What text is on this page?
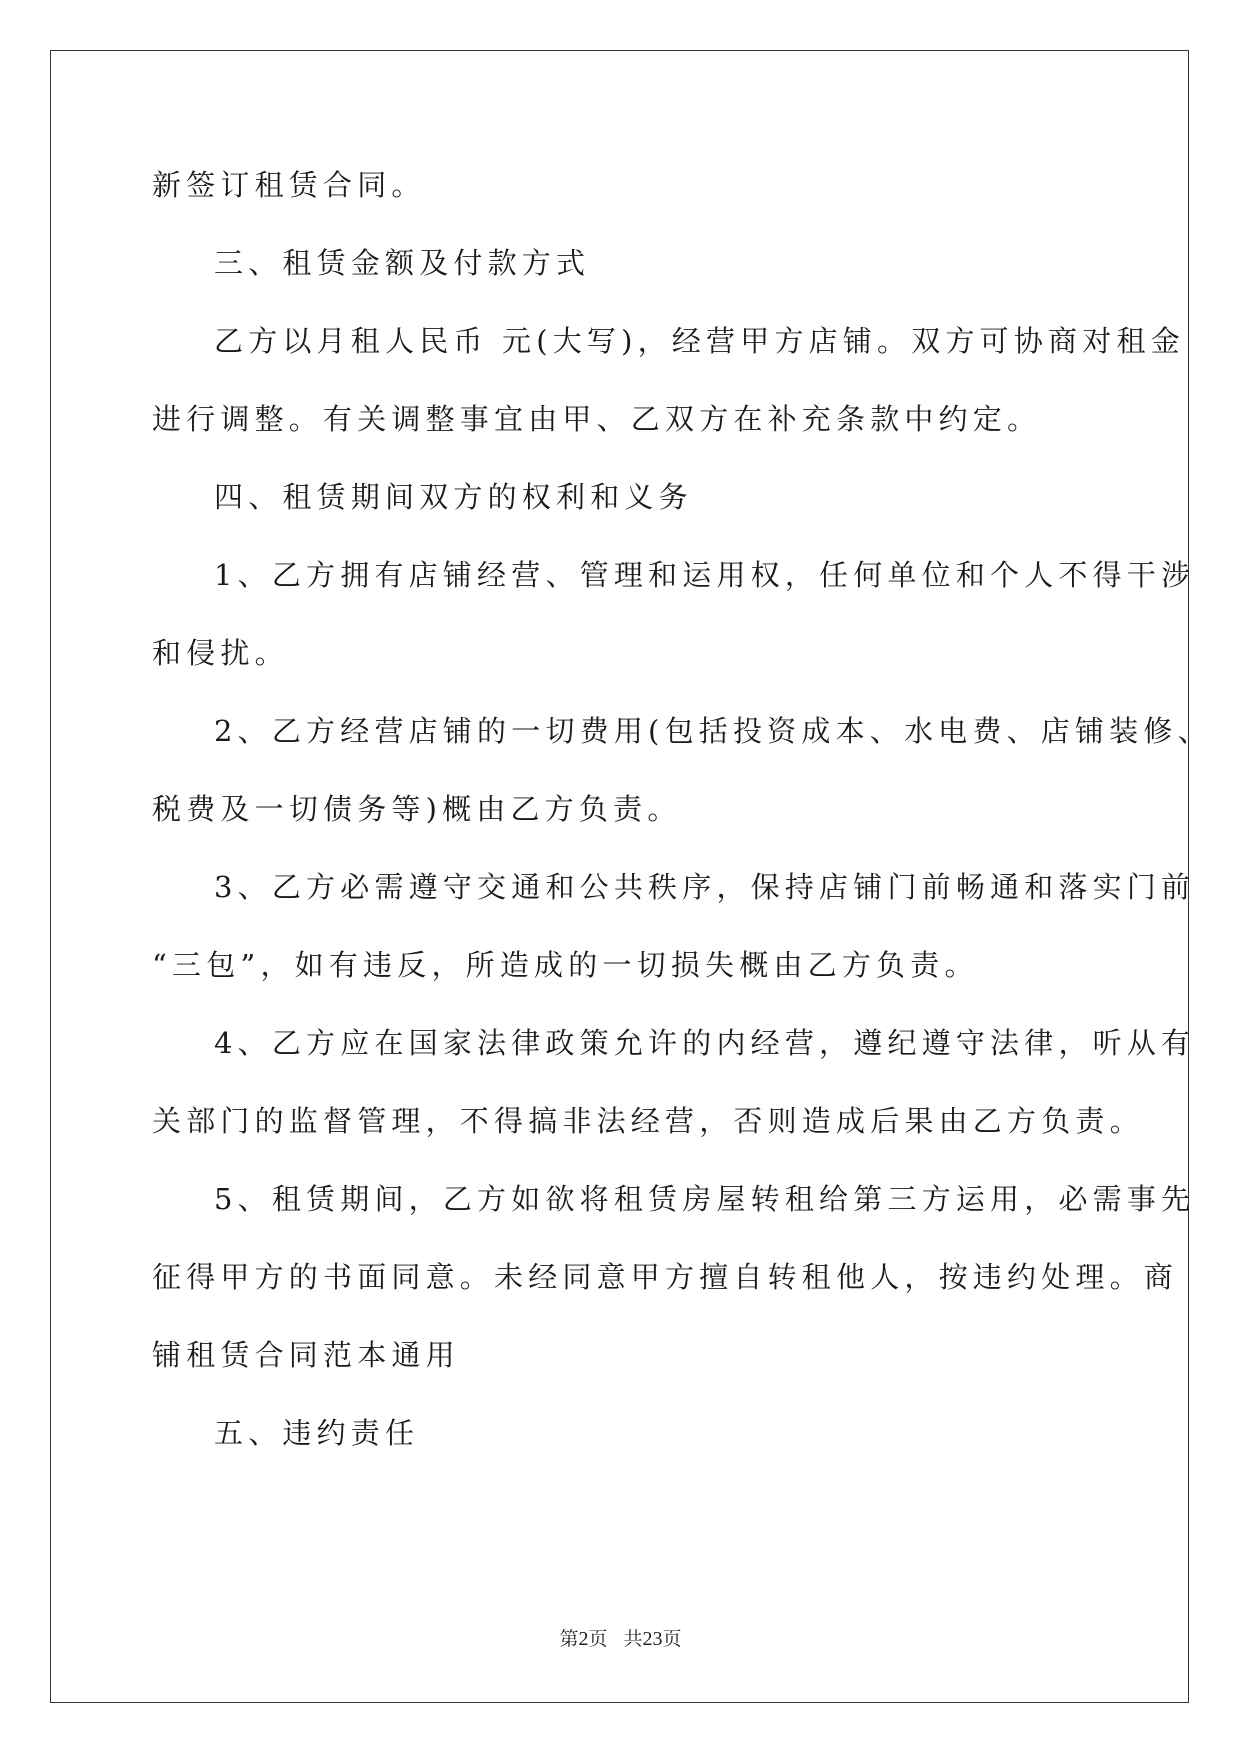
新签订租赁合同。
三、租赁金额及付款方式
乙方以月租人民币 元(大写)，经营甲方店铺。双方可协商对租金
进行调整。有关调整事宜由甲、乙双方在补充条款中约定。
四、租赁期间双方的权利和义务
1、乙方拥有店铺经营、管理和运用权，任何单位和个人不得干涉
和侵扰。
2、乙方经营店铺的一切费用(包括投资成本、水电费、店铺装修、
税费及一切债务等)概由乙方负责。
3、乙方必需遵守交通和公共秩序，保持店铺门前畅通和落实门前
“三包”，如有违反，所造成的一切损失概由乙方负责。
4、乙方应在国家法律政策允许的内经营，遵纪遵守法律，听从有
关部门的监督管理，不得搞非法经营，否则造成后果由乙方负责。
5、租赁期间，乙方如欲将租赁房屋转租给第三方运用，必需事先
征得甲方的书面同意。未经同意甲方擅自转租他人，按违约处理。商
铺租赁合同范本通用
五、违约责任
第2页 共23页
